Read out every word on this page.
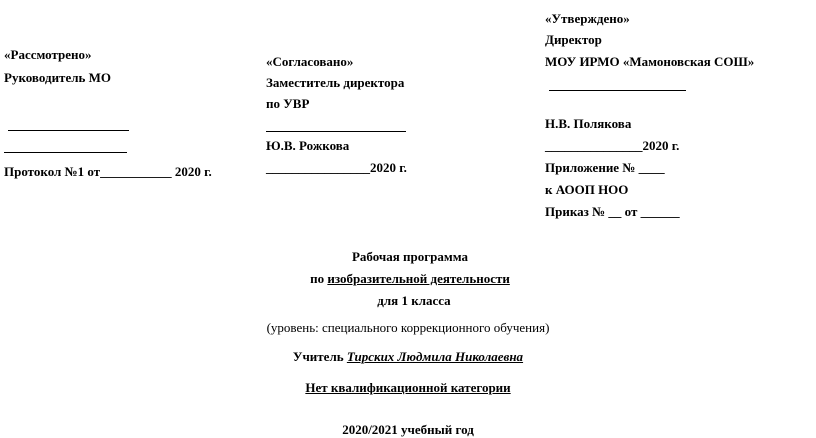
«Рассмотрено»
Руководитель МО
Протокол №1 от___________ 2020 г.
«Согласовано»
Заместитель директора
по УВР
Ю.В. Рожкова
________________2020 г.
«Утверждено»
Директор
МОУ ИРМО «Мамоновская СОШ»
Н.В. Полякова
_______________2020 г.
Приложение № ____
к АООП НОО
Приказ № __ от ______
Рабочая программа
по изобразительной деятельности
для 1 класса
(уровень: специального коррекционного обучения)
Учитель Тирских Людмила Николаевна
Нет квалификационной категории
2020/2021 учебный год
